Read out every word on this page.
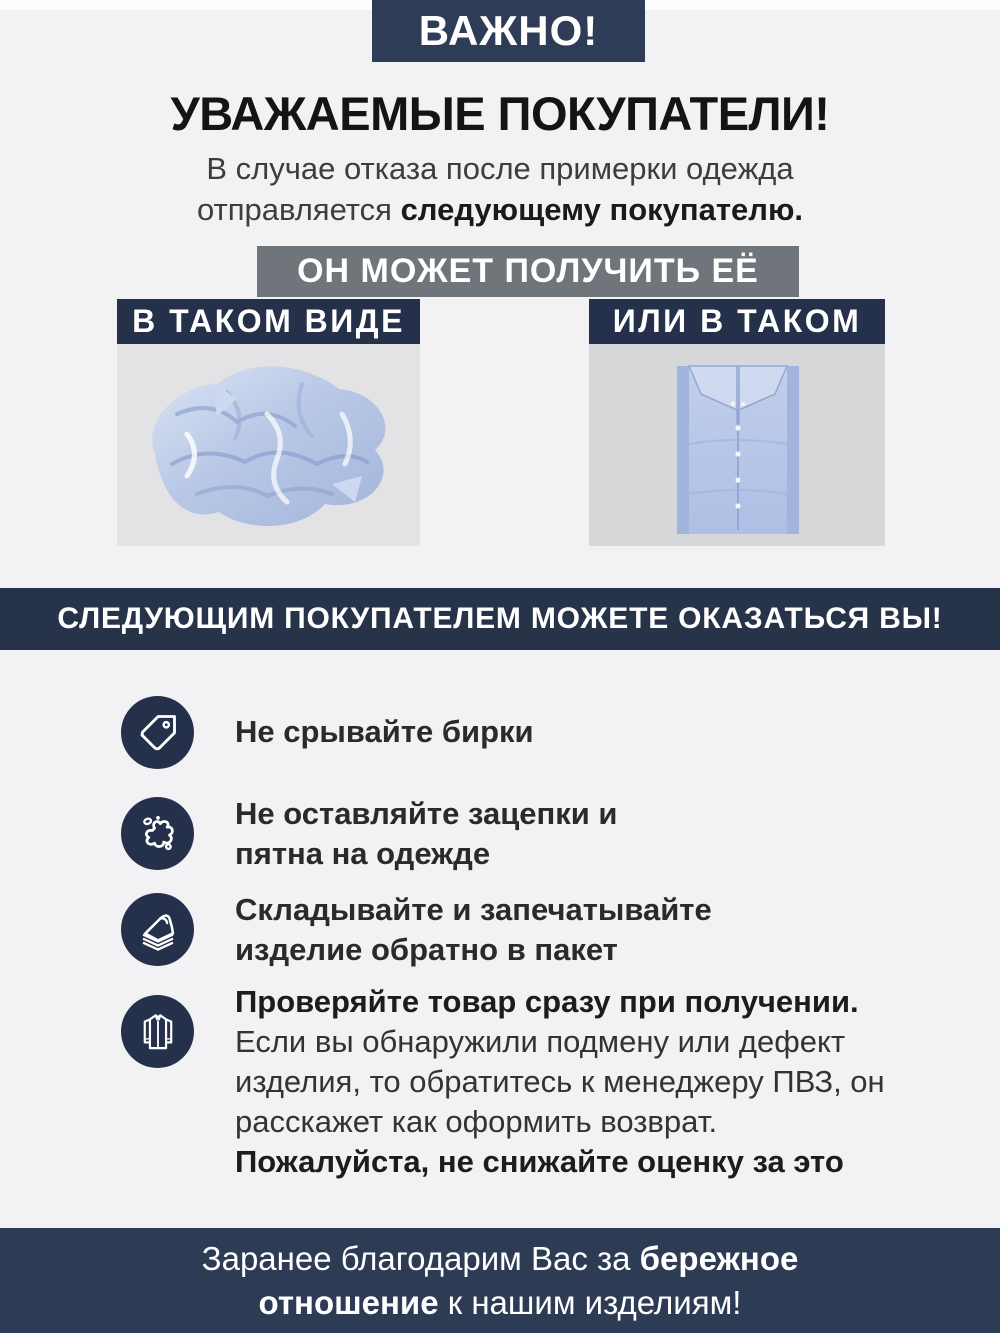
ВАЖНО!
УВАЖАЕМЫЕ ПОКУПАТЕЛИ!
В случае отказа после примерки одежда
отправляется следующему покупателю.
ОН МОЖЕТ ПОЛУЧИТЬ ЕЁ
В ТАКОМ ВИДЕ	ИЛИ В ТАКОМ
СЛЕДУЮЩИМ ПОКУПАТЕЛЕМ МОЖЕТЕ ОКАЗАТЬСЯ ВЫ!
Не срывайте бирки
Не оставляйте зацепки и
пятна на одежде
Складывайте и запечатывайте
изделие обратно в пакет
Проверяйте товар сразу при получении.
Если вы обнаружили подмену или дефект
изделия, то обратитесь к менеджеру ПВЗ, он
расскажет как оформить возврат.
Пожалуйста, не снижайте оценку за это
Заранее благодарим Вас за бережное
отношение к нашим изделиям!
